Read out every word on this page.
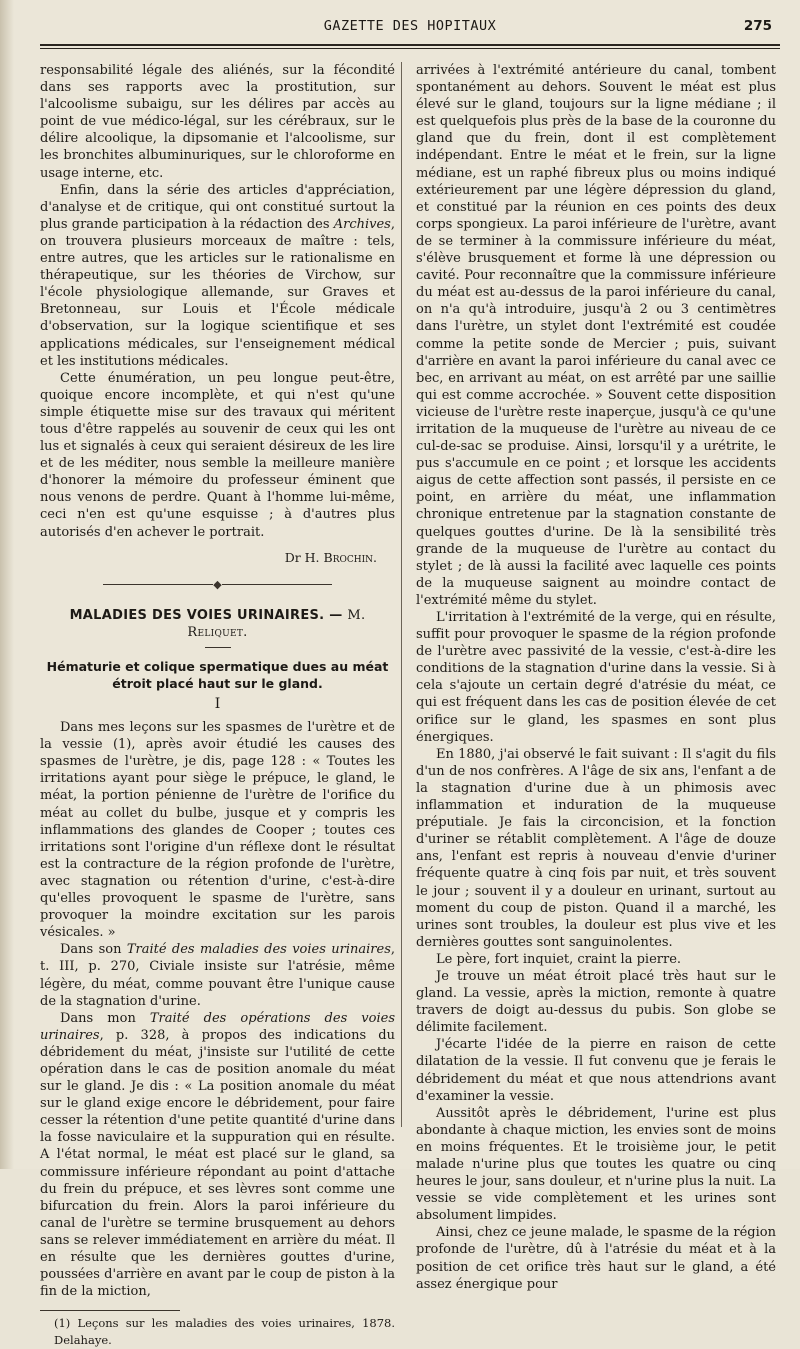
GAZETTE DES HOPITAUX	275

responsabilité légale des aliénés, sur la fécondité dans ses rapports avec la prostitution, sur l'alcoolisme subaigu, sur les délires par accès au point de vue médico-légal, sur les cérébraux, sur le délire alcoolique, la dipsomanie et l'alcoolisme, sur les bronchites albuminuriques, sur le chloroforme en usage interne, etc.

Enfin, dans la série des articles d'appréciation, d'analyse et de critique, qui ont constitué surtout la plus grande participation à la rédaction des Archives, on trouvera plusieurs morceaux de maître : tels, entre autres, que les articles sur le rationalisme en thérapeutique, sur les théories de Virchow, sur l'école physiologique allemande, sur Graves et Bretonneau, sur Louis et l'École médicale d'observation, sur la logique scientifique et ses applications médicales, sur l'enseignement médical et les institutions médicales.

Cette énumération, un peu longue peut-être, quoique encore incomplète, et qui n'est qu'une simple étiquette mise sur des travaux qui méritent tous d'être rappelés au souvenir de ceux qui les ont lus et signalés à ceux qui seraient désireux de les lire et de les méditer, nous semble la meilleure manière d'honorer la mémoire du professeur éminent que nous venons de perdre. Quant à l'homme lui-même, ceci n'en est qu'une esquisse ; à d'autres plus autorisés d'en achever le portrait.

Dr H. Brochin.

◆
MALADIES DES VOIES URINAIRES. — M. Reliquet.
Hématurie et colique spermatique dues au méat étroit placé haut sur le gland.
I

Dans mes leçons sur les spasmes de l'urètre et de la vessie (1), après avoir étudié les causes des spasmes de l'urètre, je dis, page 128 : « Toutes les irritations ayant pour siège le prépuce, le gland, le méat, la portion pénienne de l'urètre de l'orifice du méat au collet du bulbe, jusque et y compris les inflammations des glandes de Cooper ; toutes ces irritations sont l'origine d'un réflexe dont le résultat est la contracture de la région profonde de l'urètre, avec stagnation ou rétention d'urine, c'est-à-dire qu'elles provoquent le spasme de l'urètre, sans provoquer la moindre excitation sur les parois vésicales. »

Dans son Traité des maladies des voies urinaires, t. III, p. 270, Civiale insiste sur l'atrésie, même légère, du méat, comme pouvant être l'unique cause de la stagnation d'urine.

Dans mon Traité des opérations des voies urinaires, p. 328, à propos des indications du débridement du méat, j'insiste sur l'utilité de cette opération dans le cas de position anomale du méat sur le gland. Je dis : « La position anomale du méat sur le gland exige encore le débridement, pour faire cesser la rétention d'une petite quantité d'urine dans la fosse naviculaire et la suppuration qui en résulte. A l'état normal, le méat est placé sur le gland, sa commissure inférieure répondant au point d'attache du frein du prépuce, et ses lèvres sont comme une bifurcation du frein. Alors la paroi inférieure du canal de l'urètre se termine brusquement au dehors sans se relever immédiatement en arrière du méat. Il en résulte que les dernières gouttes d'urine, poussées d'arrière en avant par le coup de piston à la fin de la miction,

(1) Leçons sur les maladies des voies urinaires, 1878. Delahaye.

arrivées à l'extrémité antérieure du canal, tombent spontanément au dehors. Souvent le méat est plus élevé sur le gland, toujours sur la ligne médiane ; il est quelquefois plus près de la base de la couronne du gland que du frein, dont il est complètement indépendant. Entre le méat et le frein, sur la ligne médiane, est un raphé fibreux plus ou moins indiqué extérieurement par une légère dépression du gland, et constitué par la réunion en ces points des deux corps spongieux. La paroi inférieure de l'urètre, avant de se terminer à la commissure inférieure du méat, s'élève brusquement et forme là une dépression ou cavité. Pour reconnaître que la commissure inférieure du méat est au-dessus de la paroi inférieure du canal, on n'a qu'à introduire, jusqu'à 2 ou 3 centimètres dans l'urètre, un stylet dont l'extrémité est coudée comme la petite sonde de Mercier ; puis, suivant d'arrière en avant la paroi inférieure du canal avec ce bec, en arrivant au méat, on est arrêté par une saillie qui est comme accrochée. » Souvent cette disposition vicieuse de l'urètre reste inaperçue, jusqu'à ce qu'une irritation de la muqueuse de l'urètre au niveau de ce cul-de-sac se produise. Ainsi, lorsqu'il y a urétrite, le pus s'accumule en ce point ; et lorsque les accidents aigus de cette affection sont passés, il persiste en ce point, en arrière du méat, une inflammation chronique entretenue par la stagnation constante de quelques gouttes d'urine. De là la sensibilité très grande de la muqueuse de l'urètre au contact du stylet ; de là aussi la facilité avec laquelle ces points de la muqueuse saignent au moindre contact de l'extrémité même du stylet.

L'irritation à l'extrémité de la verge, qui en résulte, suffit pour provoquer le spasme de la région profonde de l'urètre avec passivité de la vessie, c'est-à-dire les conditions de la stagnation d'urine dans la vessie. Si à cela s'ajoute un certain degré d'atrésie du méat, ce qui est fréquent dans les cas de position élevée de cet orifice sur le gland, les spasmes en sont plus énergiques.

En 1880, j'ai observé le fait suivant : Il s'agit du fils d'un de nos confrères. A l'âge de six ans, l'enfant a de la stagnation d'urine due à un phimosis avec inflammation et induration de la muqueuse préputiale. Je fais la circoncision, et la fonction d'uriner se rétablit complètement. A l'âge de douze ans, l'enfant est repris à nouveau d'envie d'uriner fréquente quatre à cinq fois par nuit, et très souvent le jour ; souvent il y a douleur en urinant, surtout au moment du coup de piston. Quand il a marché, les urines sont troubles, la douleur est plus vive et les dernières gouttes sont sanguinolentes.

Le père, fort inquiet, craint la pierre.

Je trouve un méat étroit placé très haut sur le gland. La vessie, après la miction, remonte à quatre travers de doigt au-dessus du pubis. Son globe se délimite facilement.

J'écarte l'idée de la pierre en raison de cette dilatation de la vessie. Il fut convenu que je ferais le débridement du méat et que nous attendrions avant d'examiner la vessie.

Aussitôt après le débridement, l'urine est plus abondante à chaque miction, les envies sont de moins en moins fréquentes. Et le troisième jour, le petit malade n'urine plus que toutes les quatre ou cinq heures le jour, sans douleur, et n'urine plus la nuit. La vessie se vide complètement et les urines sont absolument limpides.

Ainsi, chez ce jeune malade, le spasme de la région profonde de l'urètre, dû à l'atrésie du méat et à la position de cet orifice très haut sur le gland, a été assez énergique pour
